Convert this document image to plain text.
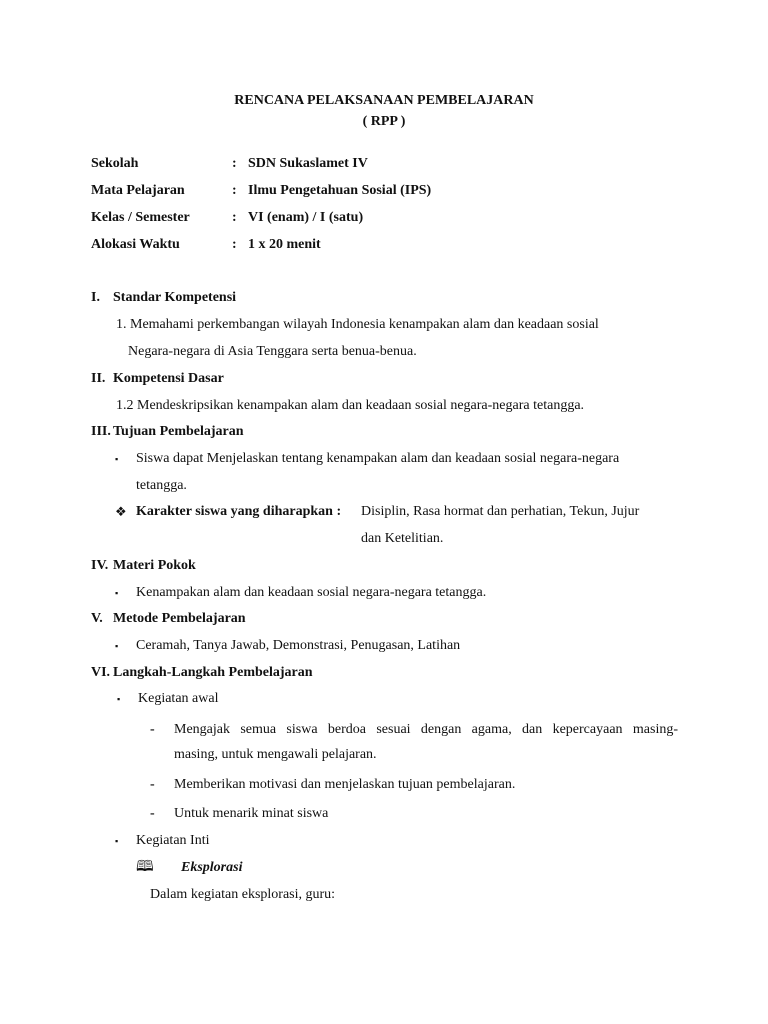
RENCANA PELAKSANAAN PEMBELAJARAN
( RPP )
Sekolah	: SDN Sukaslamet IV
Mata Pelajaran	: Ilmu Pengetahuan Sosial (IPS)
Kelas / Semester	: VI (enam) / I (satu)
Alokasi Waktu	: 1 x 20 menit
I. Standar Kompetensi
1. Memahami perkembangan wilayah Indonesia kenampakan alam dan keadaan sosial
Negara-negara di Asia Tenggara serta benua-benua.
II. Kompetensi Dasar
1.2 Mendeskripsikan kenampakan alam dan keadaan sosial negara-negara tetangga.
III. Tujuan Pembelajaran
▪ Siswa dapat Menjelaskan tentang kenampakan alam dan keadaan sosial negara-negara
tetangga.
❖ Karakter siswa yang diharapkan : Disiplin, Rasa hormat dan perhatian, Tekun, Jujur
dan Ketelitian.
IV. Materi Pokok
▪ Kenampakan alam dan keadaan sosial negara-negara tetangga.
V. Metode Pembelajaran
▪ Ceramah, Tanya Jawab, Demonstrasi, Penugasan, Latihan
VI. Langkah-Langkah Pembelajaran
▪ Kegiatan awal
- Mengajak semua siswa berdoa sesuai dengan agama, dan kepercayaan masing-
masing, untuk mengawali pelajaran.
- Memberikan motivasi dan menjelaskan tujuan pembelajaran.
- Untuk menarik minat siswa
▪ Kegiatan Inti
🕮 Eksplorasi
Dalam kegiatan eksplorasi, guru:
